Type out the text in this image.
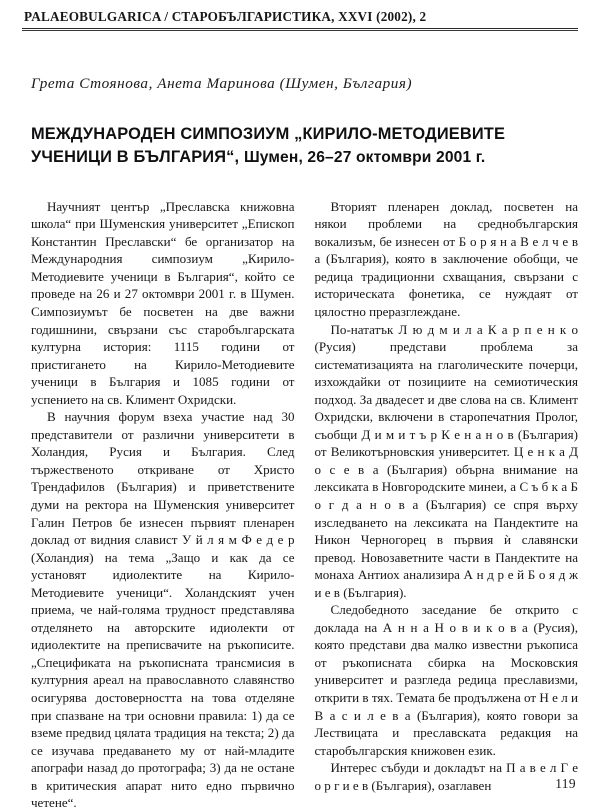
PALAEOBULGARICA / СТАРОБЪЛГАРИСТИКА, XXVI (2002), 2
Грета Стоянова, Анета Маринова (Шумен, България)
МЕЖДУНАРОДЕН СИМПОЗИУМ „КИРИЛО-МЕТОДИЕВИТЕ
УЧЕНИЦИ В БЪЛГАРИЯ“, Шумен, 26–27 октомври 2001 г.

Научният център „Преславска книжовна школа“ при Шуменския университет „Епископ Константин Преславски“ бе организатор на Международния симпозиум „Кирило-Методиевите ученици в България“, който се проведе на 26 и 27 октомври 2001 г. в Шумен. Симпозиумът бе посветен на две важни годишнини, свързани със старобългарската културна история: 1115 години от пристигането на Кирило-Методиевите ученици в България и 1085 години от успението на св. Климент Охридски.

В научния форум взеха участие над 30 представители от различни университети в Холандия, Русия и България. След тържественото откриване от Христо Трендафилов (България) и приветствените думи на ректора на Шуменския университет Галин Петров бе изнесен първият пленарен доклад от видния славист У й л я м Ф е д е р (Холандия) на тема „Защо и как да се установят идиолектите на Кирило-Методиевите ученици“. Холандският учен приема, че най-голяма трудност представлява отделянето на авторските идиолекти от идиолектите на преписвачите на ръкописите. „Спецификата на ръкописната трансмисия в културния ареал на православното славянство осигурява достоверността на това отделяне при спазване на три основни правила: 1) да се вземе предвид цялата традиция на текста; 2) да се изучава предаването му от най-младите апографи назад до протографа; 3) да не остане в критическия апарат нито едно първично четене“.

Вторият пленарен доклад, посветен на някои проблеми на среднобългарския вокализъм, бе изнесен от Б о р я н а В е л ч е в а (България), която в заключение обобщи, че редица традиционни схващания, свързани с историческата фонетика, се нуждаят от цялостно преразглеждане.

По-нататък Л ю д м и л а К а р п е н к о (Русия) представи проблема за систематизацията на глаголическите почерци, изхождайки от позициите на семиотическия подход. За двадесет и две слова на св. Климент Охридски, включени в старопечатния Пролог, съобщи Д и м и т ъ р К е н а н о в (България) от Великотърновския университет. Ц е н к а Д о с е в а (България) обърна внимание на лексиката в Новгородските минеи, а С ъ б к а Б о г д а н о в а (България) се спря върху изследването на лексиката на Пандектите на Никон Черногорец в първия ѝ славянски превод. Новозаветните части в Пандектите на монаха Антиох анализира А н д р е й Б о я д ж и е в (България).

Следобедното заседание бе открито с доклада на А н н а Н о в и к о в а (Русия), която представи два малко известни ръкописа от ръкописната сбирка на Московския университет и разгледа редица преславизми, открити в тях. Темата бе продължена от Н е л и В а с и л е в а (България), която говори за Лествицата и преславската редакция на старобългарския книжовен език.

Интерес събуди и докладът на П а в е л Г е о р г и е в (България), озаглавен	119
